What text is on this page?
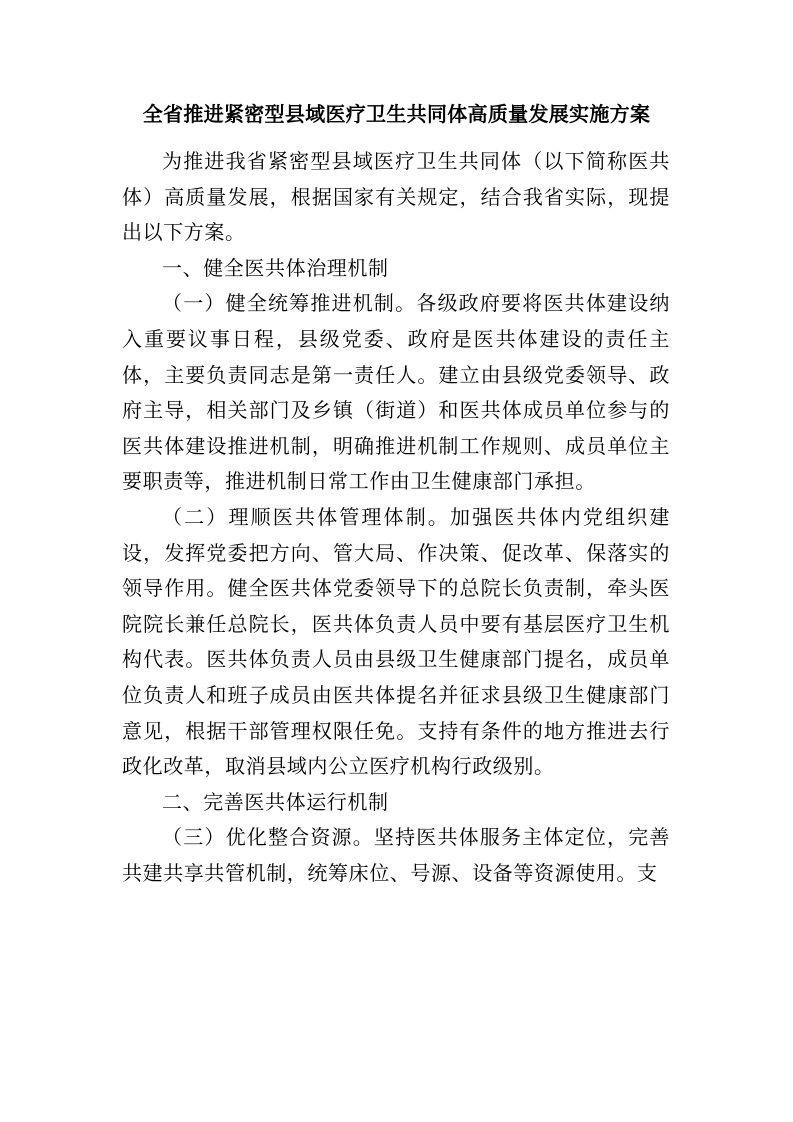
全省推进紧密型县域医疗卫生共同体高质量发展实施方案

为推进我省紧密型县域医疗卫生共同体（以下简称医共体）高质量发展，根据国家有关规定，结合我省实际，现提出以下方案。

一、健全医共体治理机制

（一）健全统筹推进机制。各级政府要将医共体建设纳入重要议事日程，县级党委、政府是医共体建设的责任主体，主要负责同志是第一责任人。建立由县级党委领导、政府主导，相关部门及乡镇（街道）和医共体成员单位参与的医共体建设推进机制，明确推进机制工作规则、成员单位主要职责等，推进机制日常工作由卫生健康部门承担。

（二）理顺医共体管理体制。加强医共体内党组织建设，发挥党委把方向、管大局、作决策、促改革、保落实的领导作用。健全医共体党委领导下的总院长负责制，牵头医院院长兼任总院长，医共体负责人员中要有基层医疗卫生机构代表。医共体负责人员由县级卫生健康部门提名，成员单位负责人和班子成员由医共体提名并征求县级卫生健康部门意见，根据干部管理权限任免。支持有条件的地方推进去行政化改革，取消县域内公立医疗机构行政级别。

二、完善医共体运行机制

（三）优化整合资源。坚持医共体服务主体定位，完善共建共享共管机制，统筹床位、号源、设备等资源使用。支
